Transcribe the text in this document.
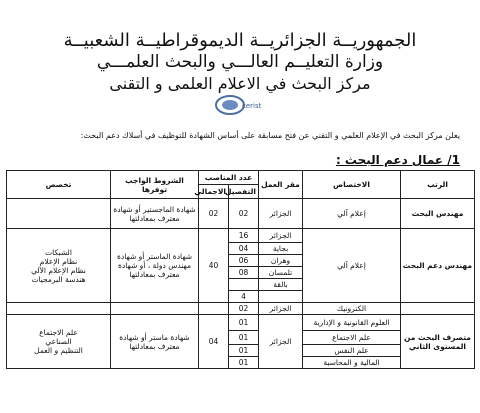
الجمهوريــة الجزائريــة الديموقراطيــة الشعبيــة
وزارة التعليــم العالـــي والبحث العلمـــي
مركز البحث في الاعلام العلمى و التقنى
cerist
يعلن مركز البحث في الإعلام العلمي و التقني عن فتح مسابقة على أساس الشهادة للتوظيف في أسلاك دعم البحث:
1/ عمال دعم البحث :
الرتب	الاختصاص	مقر العمل	عدد المناصب		الشروط الواجب توفرها	تخصص
			التفصيل	الاجمالي		
مهندس البحث	إعلام آلي	الجزائر	02	02	شهادة الماجستير أو شهادة معترف بمعادلتها	
مهندس دعم البحث	إعلام آلي	الجزائر	16	40	شهادة الماستر أو شهادة مهندس دولة ، أو شهادة معترف بمعادلتها	الشبكات
نظام الإعلام
نظام الإعلام الآلي
هندسة البرمجيات

		بجاية	04			
		وهران	06			
		تلمسان	08			
		بالقة				
			4			
	الكترونيك	الجزائر	02			
متصرف البحث من المستوى الثاني	العلوم القانونية و الإدارية	الجزائر	01	04	شهادة ماستر أو شهادة معترف بمعادلتها	علم الاجتماع
الصناعي
التنظيم و العمل

	علم الاجتماع		01			
	علم النفس		01			
	المالية و المحاسبة		01			
